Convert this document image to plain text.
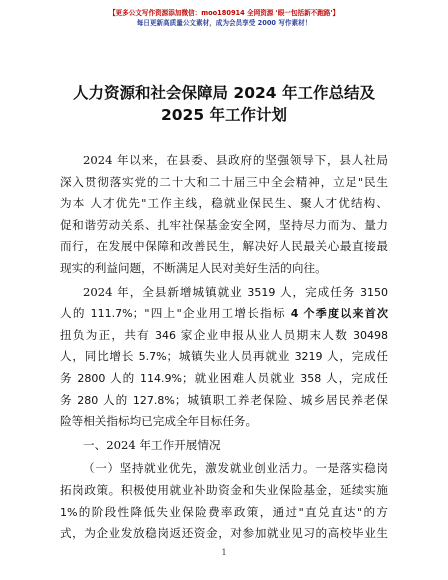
【更多公文写作资源添加微信：moo180914 全网资源 '眼一包括新不跑路'】
每日更新高质量公文素材，成为会员享受 2000 写作素材！
人力资源和社会保障局 2024 年工作总结及
2025 年工作计划

2024 年以来，在县委、县政府的坚强领导下，县人社局
深入贯彻落实党的二十大和二十届三中全会精神，立足"民生
为本 人才优先"工作主线，稳就业保民生、聚人才优结构、
促和谐劳动关系、扎牢社保基金安全网，坚持尽力而为、量力
而行，在发展中保障和改善民生，解决好人民最关心最直接最
现实的利益问题，不断满足人民对美好生活的向往。

2024 年，全县新增城镇就业 3519 人，完成任务 3150
人的 111.7%；"四上"企业用工增长指标 4 个季度以来首次
扭负为正，共有 346 家企业申报从业人员期末人数 30498
人，同比增长 5.7%；城镇失业人员再就业 3219 人，完成任
务 2800 人的 114.9%；就业困难人员就业 358 人，完成任
务 280 人的 127.8%；城镇职工养老保险、城乡居民养老保
险等相关指标均已完成全年目标任务。

一、2024 年工作开展情况

（一）坚持就业优先，激发就业创业活力。一是落实稳岗
拓岗政策。积极使用就业补助资金和失业保险基金，延续实施
1%的阶段性降低失业保险费率政策，通过"直兑直达"的方
式，为企业发放稳岗返还资金，对参加就业见习的高校毕业生

1
